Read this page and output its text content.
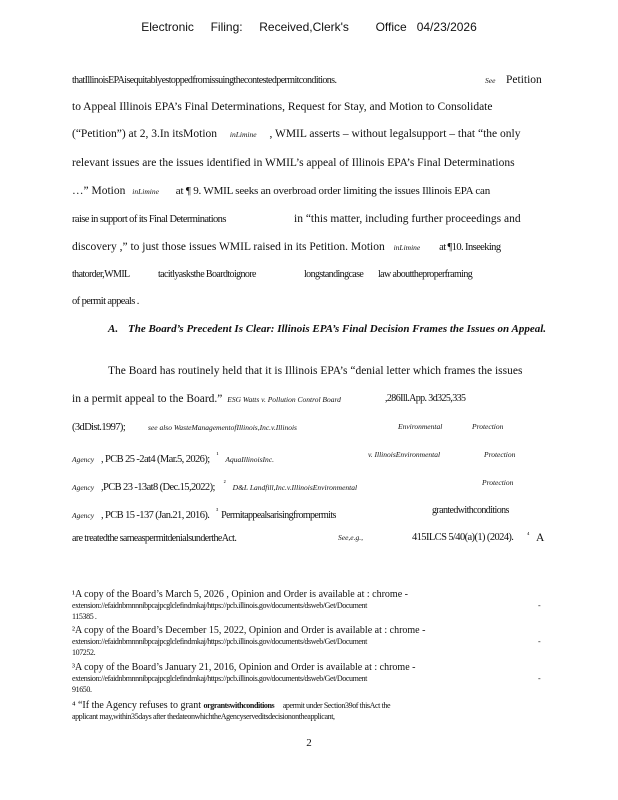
Electronic     Filing:     Received,Clerk's        Office   04/23/2026
thatIllinoisEPAisequitablyestoppedfromissuingthecontestedpermitconditions.	See Petition
to Appeal Illinois EPA’s Final Determinations, Request for Stay, and Motion to Consolidate
(“Petition”) at 2, 3.In itsMotion inLimine , WMIL asserts – without legalsupport – that “the only
relevant issues are the issues identified in WMIL’s appeal of Illinois EPA’s Final Determinations
…” Motion inLimine at ¶ 9. WMIL seeks an overbroad order limiting the issues Illinois EPA can
raise in support of its Final Determinations	in “this matter, including further proceedings and
discovery ,” to just those issues WMIL raised in its Petition. Motion inLimine at ¶10. Inseeking
thatorder,WMIL	tacitlyasksthe Boardtoignore	longstandingcase law abouttheproperframing
of permit appeals .
A. The Board’s Precedent Is Clear: Illinois EPA’s Final Decision Frames the Issues on Appeal.
The Board has routinely held that it is Illinois EPA’s “denial letter which frames the issues
in a permit appeal to the Board.” ESG Watts v. Pollution Control Board	,286Ill.App. 3d325,335
(3dDist.1997);	see also WasteManagementofIllinois,Inc.v.Illinois	Environmental	Protection
Agency , PCB 25 -2at4 (Mar.5, 2026); $^{^1}$ AquaIllinoisInc.
v. IllinoisEnvironmental	Protection
Agency ,PCB 23 -13at8 (Dec.15,2022); $^{^2}$ D&L Landfill,Inc.v.IllinoisEnvironmental
Protection
Agency , PCB 15 -137 (Jan.21, 2016). $^{^3}$ Permitappealsarisingfrompermits	grantedwithconditions
are treatedthe sameaspermitdenialsundertheAct.	See,e.g.,	415ILCS 5/40(a)(1) (2024). ⁴ A
¹A copy of the Board’s March 5, 2026 , Opinion and Order is available at : chrome -
extension://efaidnbmnnnibpcajpcglclefindmkaj/https://pcb.illinois.gov/documents/dsweb/Get/Document	-
115385 .
²A copy of the Board’s December 15, 2022, Opinion and Order is available at : chrome -
extension://efaidnbmnnnibpcajpcglclefindmkaj/https://pcb.illinois.gov/documents/dsweb/Get/Document	-
107252.
³A copy of the Board’s January 21, 2016, Opinion and Order is available at : chrome -
extension://efaidnbmnnnibpcajpcglclefindmkaj/https://pcb.illinois.gov/documents/dsweb/Get/Document	-
91650.
⁴ “If the Agency refuses to grant orgrantswithconditions apermit under Section39of thisAct the
applicant may,within35days after thedateonwhichtheAgencyserveditsdecisionontheapplicant,
2
